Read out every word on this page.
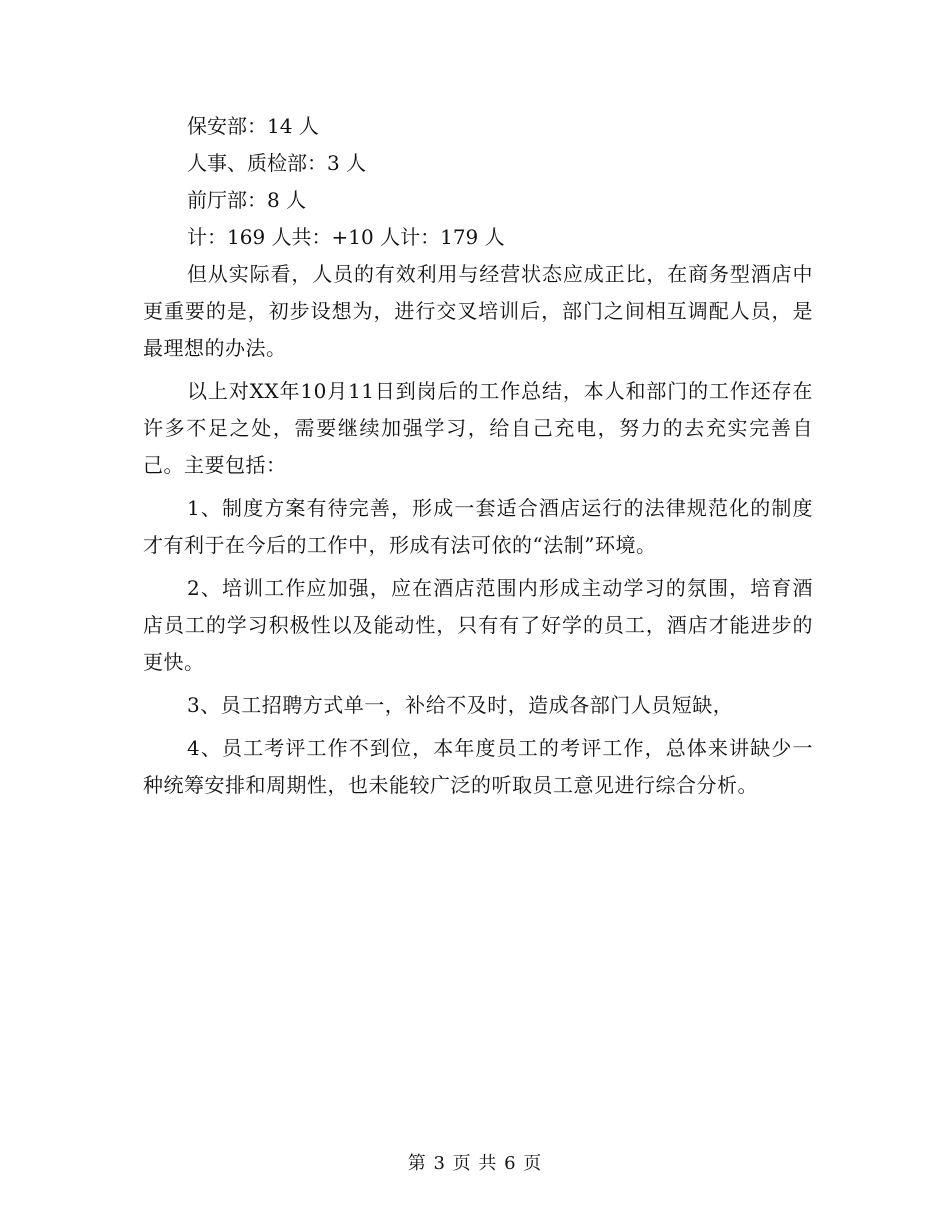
保安部：14 人

人事、质检部：3 人

前厅部：8 人

计：169 人共：+10 人计：179 人

但从实际看，人员的有效利用与经营状态应成正比，在商务型酒店中更重要的是，初步设想为，进行交叉培训后，部门之间相互调配人员，是最理想的办法。

以上对XX年10月11日到岗后的工作总结，本人和部门的工作还存在许多不足之处，需要继续加强学习，给自己充电，努力的去充实完善自己。主要包括：

1、制度方案有待完善，形成一套适合酒店运行的法律规范化的制度才有利于在今后的工作中，形成有法可依的“法制”环境。

2、培训工作应加强，应在酒店范围内形成主动学习的氛围，培育酒店员工的学习积极性以及能动性，只有有了好学的员工，酒店才能进步的更快。

3、员工招聘方式单一，补给不及时，造成各部门人员短缺，

4、员工考评工作不到位，本年度员工的考评工作，总体来讲缺少一种统筹安排和周期性，也未能较广泛的听取员工意见进行综合分析。

第 3 页 共 6 页
